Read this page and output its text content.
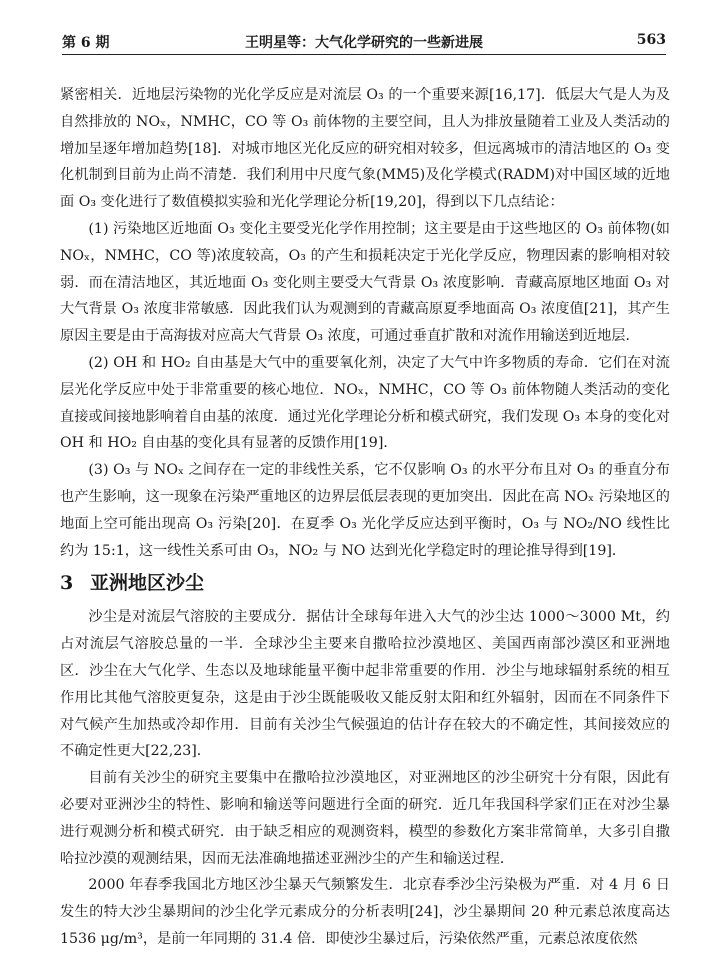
第 6 期	王明星等：大气化学研究的一些新进展	563

紧密相关．近地层污染物的光化学反应是对流层 O₃ 的一个重要来源[16,17]．低层大气是人为及自然排放的 NOₓ，NMHC，CO 等 O₃ 前体物的主要空间，且人为排放量随着工业及人类活动的增加呈逐年增加趋势[18]．对城市地区光化反应的研究相对较多，但远离城市的清洁地区的 O₃ 变化机制到目前为止尚不清楚．我们利用中尺度气象(MM5)及化学模式(RADM)对中国区域的近地面 O₃ 变化进行了数值模拟实验和光化学理论分析[19,20]，得到以下几点结论：

(1) 污染地区近地面 O₃ 变化主要受光化学作用控制；这主要是由于这些地区的 O₃ 前体物(如 NOₓ，NMHC，CO 等)浓度较高，O₃ 的产生和损耗决定于光化学反应，物理因素的影响相对较弱．而在清洁地区，其近地面 O₃ 变化则主要受大气背景 O₃ 浓度影响．青藏高原地区地面 O₃ 对大气背景 O₃ 浓度非常敏感．因此我们认为观测到的青藏高原夏季地面高 O₃ 浓度值[21]，其产生原因主要是由于高海拔对应高大气背景 O₃ 浓度，可通过垂直扩散和对流作用输送到近地层．

(2) OH 和 HO₂ 自由基是大气中的重要氧化剂，决定了大气中许多物质的寿命．它们在对流层光化学反应中处于非常重要的核心地位．NOₓ，NMHC，CO 等 O₃ 前体物随人类活动的变化直接或间接地影响着自由基的浓度．通过光化学理论分析和模式研究，我们发现 O₃ 本身的变化对 OH 和 HO₂ 自由基的变化具有显著的反馈作用[19]．

(3) O₃ 与 NOₓ 之间存在一定的非线性关系，它不仅影响 O₃ 的水平分布且对 O₃ 的垂直分布也产生影响，这一现象在污染严重地区的边界层低层表现的更加突出．因此在高 NOₓ 污染地区的地面上空可能出现高 O₃ 污染[20]．在夏季 O₃ 光化学反应达到平衡时，O₃ 与 NO₂/NO 线性比约为 15:1，这一线性关系可由 O₃，NO₂ 与 NO 达到光化学稳定时的理论推导得到[19]．

3 亚洲地区沙尘

沙尘是对流层气溶胶的主要成分．据估计全球每年进入大气的沙尘达 1000～3000 Mt，约占对流层气溶胶总量的一半．全球沙尘主要来自撒哈拉沙漠地区、美国西南部沙漠区和亚洲地区．沙尘在大气化学、生态以及地球能量平衡中起非常重要的作用．沙尘与地球辐射系统的相互作用比其他气溶胶更复杂，这是由于沙尘既能吸收又能反射太阳和红外辐射，因而在不同条件下对气候产生加热或冷却作用．目前有关沙尘气候强迫的估计存在较大的不确定性，其间接效应的不确定性更大[22,23]．

目前有关沙尘的研究主要集中在撒哈拉沙漠地区，对亚洲地区的沙尘研究十分有限，因此有必要对亚洲沙尘的特性、影响和输送等问题进行全面的研究．近几年我国科学家们正在对沙尘暴进行观测分析和模式研究．由于缺乏相应的观测资料，模型的参数化方案非常简单，大多引自撒哈拉沙漠的观测结果，因而无法准确地描述亚洲沙尘的产生和输送过程．

2000 年春季我国北方地区沙尘暴天气频繁发生．北京春季沙尘污染极为严重．对 4 月 6 日发生的特大沙尘暴期间的沙尘化学元素成分的分析表明[24]，沙尘暴期间 20 种元素总浓度高达 1536 μg/m³，是前一年同期的 31.4 倍．即使沙尘暴过后，污染依然严重，元素总浓度依然
